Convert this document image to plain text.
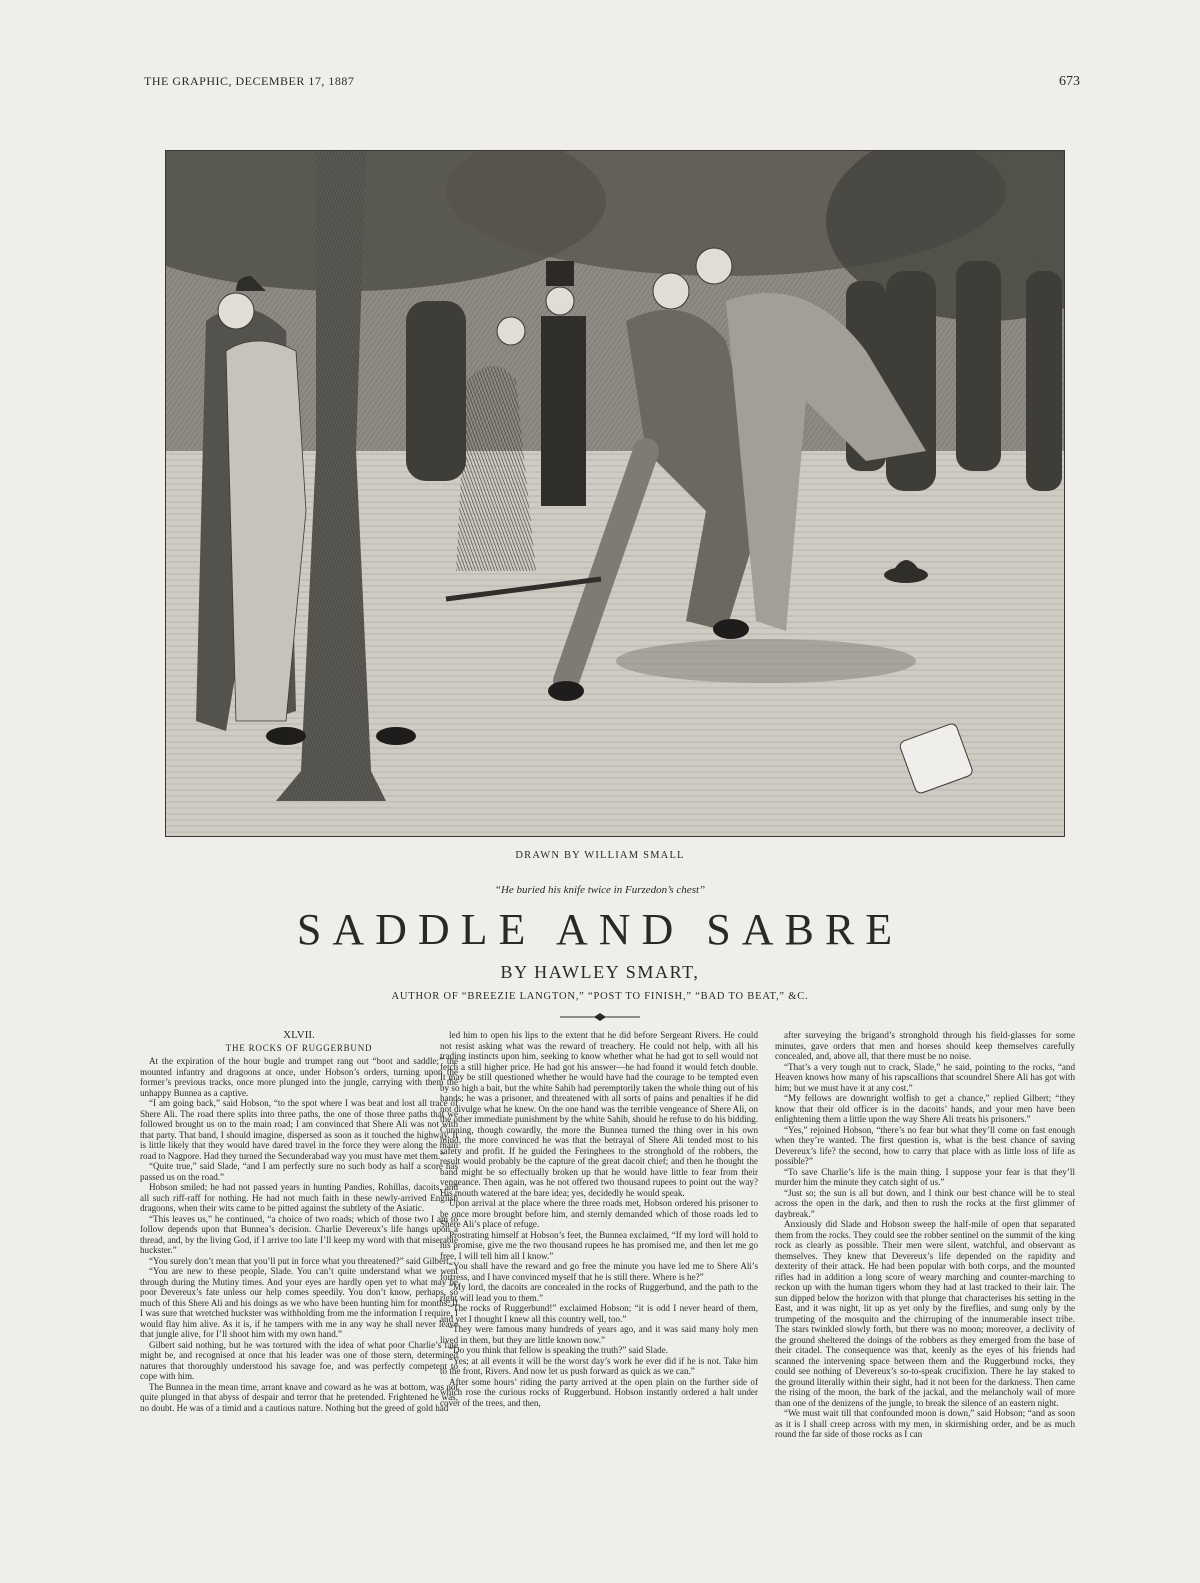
THE GRAPHIC, DECEMBER 17, 1887	673
DRAWN BY WILLIAM SMALL
“He buried his knife twice in Furzedon’s chest”
SADDLE AND SABRE
BY HAWLEY SMART,
AUTHOR OF “BREEZIE LANGTON,” “POST TO FINISH,” “BAD TO BEAT,” &C.
XLVII.
THE ROCKS OF RUGGERBUND

At the expiration of the hour bugle and trumpet rang out “boot and saddle;” the mounted infantry and dragoons at once, under Hobson’s orders, turning upon the former’s previous tracks, once more plunged into the jungle, carrying with them the unhappy Bunnea as a captive.

“I am going back,” said Hobson, “to the spot where I was beat and lost all trace of Shere Ali. The road there splits into three paths, the one of those three paths that we followed brought us on to the main road; I am convinced that Shere Ali was not with that party. That band, I should imagine, dispersed as soon as it touched the highway. It is little likely that they would have dared travel in the force they were along the main road to Nagpore. Had they turned the Secunderabad way you must have met them.”

“Quite true,” said Slade, “and I am perfectly sure no such body as half a score has passed us on the road.”

Hobson smiled; he had not passed years in hunting Pandies, Rohillas, dacoits, and all such riff-raff for nothing. He had not much faith in these newly-arrived English dragoons, when their wits came to be pitted against the subtlety of the Asiatic.

“This leaves us,” he continued, “a choice of two roads; which of those two I am to follow depends upon that Bunnea’s decision. Charlie Devereux’s life hangs upon a thread, and, by the living God, if I arrive too late I’ll keep my word with that miserable huckster.”

“You surely don’t mean that you’ll put in force what you threatened?” said Gilbert.

“You are new to these people, Slade. You can’t quite understand what we went through during the Mutiny times. And your eyes are hardly open yet to what may be poor Devereux’s fate unless our help comes speedily. You don’t know, perhaps, so much of this Shere Ali and his doings as we who have been hunting him for months. If I was sure that wretched huckster was withholding from me the information I require, I would flay him alive. As it is, if he tampers with me in any way he shall never leave that jungle alive, for I’ll shoot him with my own hand.”

Gilbert said nothing, but he was tortured with the idea of what poor Charlie’s fate might be, and recognised at once that his leader was one of those stern, determined natures that thoroughly understood his savage foe, and was perfectly competent to cope with him.

The Bunnea in the mean time, arrant knave and coward as he was at bottom, was not quite plunged in that abyss of despair and terror that he pretended. Frightened he was, no doubt. He was of a timid and a cautious nature. Nothing but the greed of gold had

led him to open his lips to the extent that he did before Sergeant Rivers. He could not resist asking what was the reward of treachery. He could not help, with all his trading instincts upon him, seeking to know whether what he had got to sell would not fetch a still higher price. He had got his answer—he had found it would fetch double. It may be still questioned whether he would have had the courage to be tempted even by so high a bait, but the white Sahib had peremptorily taken the whole thing out of his hands; he was a prisoner, and threatened with all sorts of pains and penalties if he did not divulge what he knew. On the one hand was the terrible vengeance of Shere Ali, on the other immediate punishment by the white Sahib, should he refuse to do his bidding. Cunning, though cowardly, the more the Bunnea turned the thing over in his own mind, the more convinced he was that the betrayal of Shere Ali tended most to his safety and profit. If he guided the Feringhees to the stronghold of the robbers, the result would probably be the capture of the great dacoit chief; and then he thought the band might be so effectually broken up that he would have little to fear from their vengeance. Then again, was he not offered two thousand rupees to point out the way? His mouth watered at the bare idea; yes, decidedly he would speak.

Upon arrival at the place where the three roads met, Hobson ordered his prisoner to be once more brought before him, and sternly demanded which of those roads led to Shere Ali’s place of refuge.

Prostrating himself at Hobson’s feet, the Bunnea exclaimed, “If my lord will hold to his promise, give me the two thousand rupees he has promised me, and then let me go free, I will tell him all I know.”

“You shall have the reward and go free the minute you have led me to Shere Ali’s fortress, and I have convinced myself that he is still there. Where is he?”

“My lord, the dacoits are concealed in the rocks of Ruggerbund, and the path to the right will lead you to them.”

“The rocks of Ruggerbund!” exclaimed Hobson; “it is odd I never heard of them, and yet I thought I knew all this country well, too.”

“They were famous many hundreds of years ago, and it was said many holy men lived in them, but they are little known now.”

“Do you think that fellow is speaking the truth?” said Slade.

“Yes; at all events it will be the worst day’s work he ever did if he is not. Take him to the front, Rivers. And now let us push forward as quick as we can.”

After some hours’ riding the party arrived at the open plain on the further side of which rose the curious rocks of Ruggerbund. Hobson instantly ordered a halt under cover of the trees, and then,

after surveying the brigand’s stronghold through his field-glasses for some minutes, gave orders that men and horses should keep themselves carefully concealed, and, above all, that there must be no noise.

“That’s a very tough nut to crack, Slade,” he said, pointing to the rocks, “and Heaven knows how many of his rapscallions that scoundrel Shere Ali has got with him; but we must have it at any cost.”

“My fellows are downright wolfish to get a chance,” replied Gilbert; “they know that their old officer is in the dacoits’ hands, and your men have been enlightening them a little upon the way Shere Ali treats his prisoners.”

“Yes,” rejoined Hobson, “there’s no fear but what they’ll come on fast enough when they’re wanted. The first question is, what is the best chance of saving Devereux’s life? the second, how to carry that place with as little loss of life as possible?”

“To save Charlie’s life is the main thing. I suppose your fear is that they’ll murder him the minute they catch sight of us.”

“Just so; the sun is all but down, and I think our best chance will be to steal across the open in the dark, and then to rush the rocks at the first glimmer of daybreak.”

Anxiously did Slade and Hobson sweep the half-mile of open that separated them from the rocks. They could see the robber sentinel on the summit of the king rock as clearly as possible. Their men were silent, watchful, and observant as themselves. They knew that Devereux’s life depended on the rapidity and dexterity of their attack. He had been popular with both corps, and the mounted rifles had in addition a long score of weary marching and counter-marching to reckon up with the human tigers whom they had at last tracked to their lair. The sun dipped below the horizon with that plunge that characterises his setting in the East, and it was night, lit up as yet only by the fireflies, and sung only by the trumpeting of the mosquito and the chirruping of the innumerable insect tribe. The stars twinkled slowly forth, but there was no moon; moreover, a declivity of the ground sheltered the doings of the robbers as they emerged from the base of their citadel. The consequence was that, keenly as the eyes of his friends had scanned the intervening space between them and the Ruggerbund rocks, they could see nothing of Devereux’s so-to-speak crucifixion. There he lay staked to the ground literally within their sight, had it not been for the darkness. Then came the rising of the moon, the bark of the jackal, and the melancholy wail of more than one of the denizens of the jungle, to break the silence of an eastern night.

“We must wait till that confounded moon is down,” said Hobson; “and as soon as it is I shall creep across with my men, in skirmishing order, and be as much round the far side of those rocks as I can
